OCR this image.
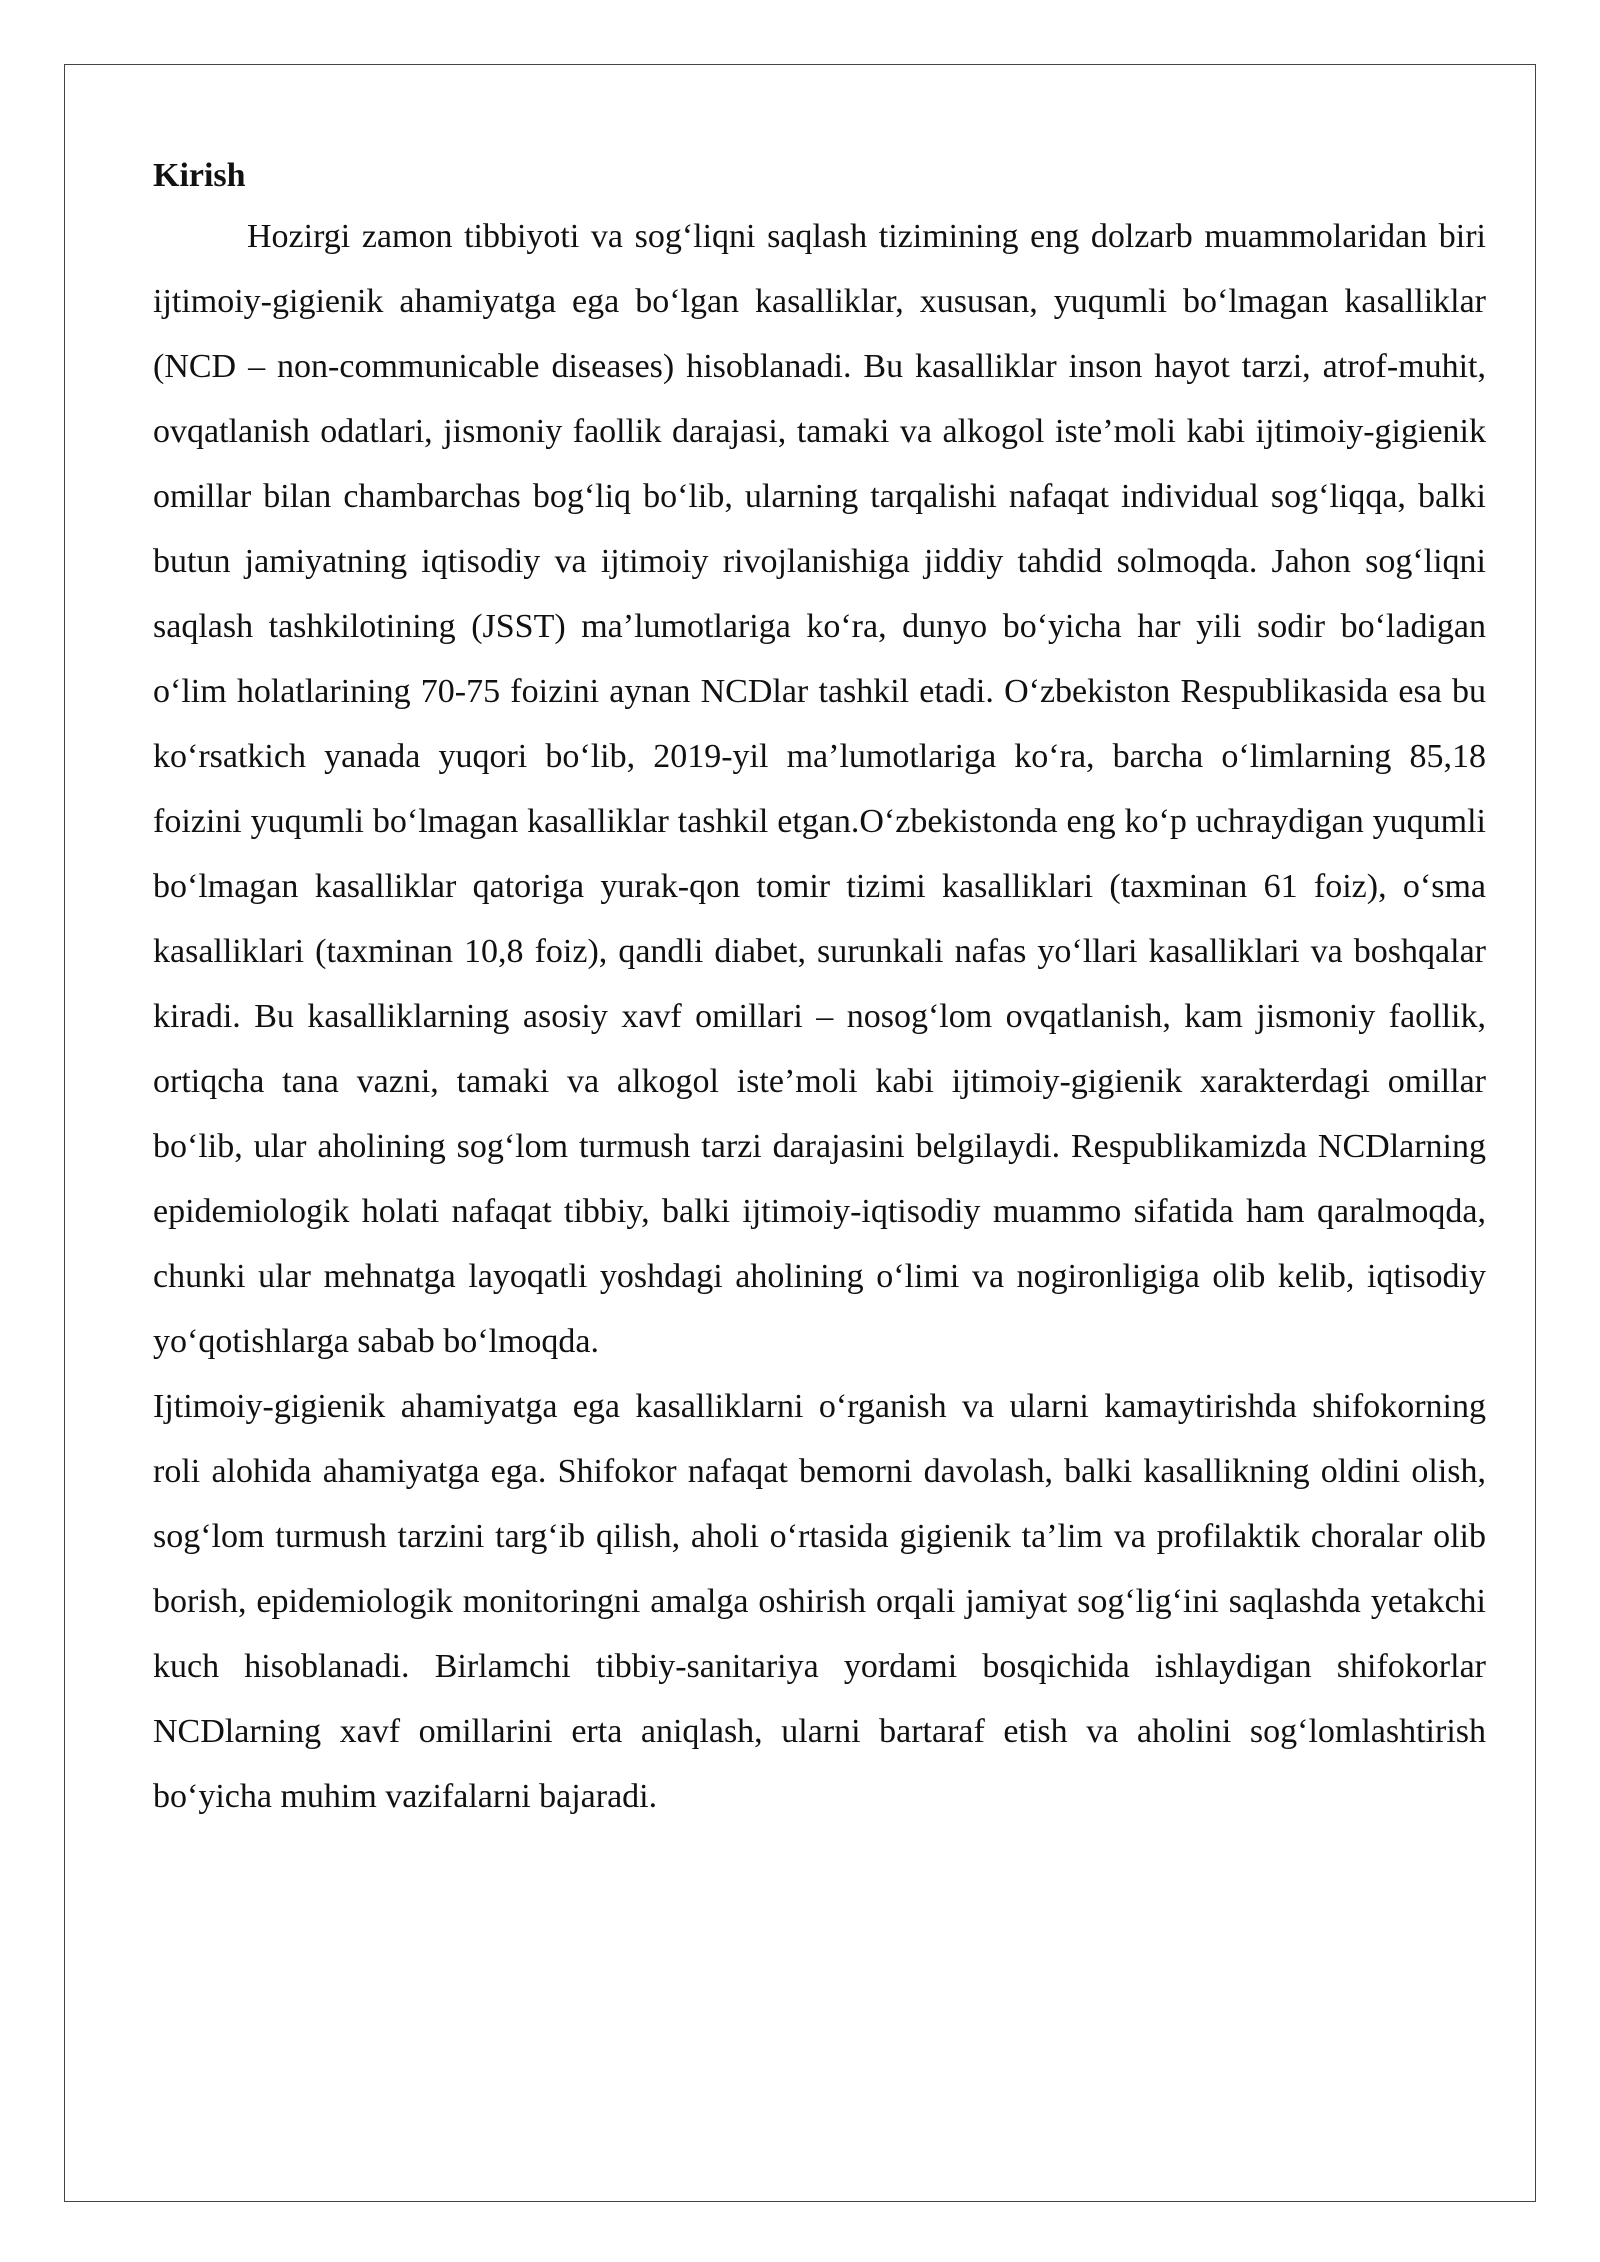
Kirish

Hozirgi zamon tibbiyoti va sog‘liqni saqlash tizimining eng dolzarb muammolaridan biri ijtimoiy-gigienik ahamiyatga ega bo‘lgan kasalliklar, xususan, yuqumli bo‘lmagan kasalliklar (NCD – non-communicable diseases) hisoblanadi. Bu kasalliklar inson hayot tarzi, atrof-muhit, ovqatlanish odatlari, jismoniy faollik darajasi, tamaki va alkogol iste’moli kabi ijtimoiy-gigienik omillar bilan chambarchas bog‘liq bo‘lib, ularning tarqalishi nafaqat individual sog‘liqqa, balki butun jamiyatning iqtisodiy va ijtimoiy rivojlanishiga jiddiy tahdid solmoqda. Jahon sog‘liqni saqlash tashkilotining (JSST) ma’lumotlariga ko‘ra, dunyo bo‘yicha har yili sodir bo‘ladigan o‘lim holatlarining 70-75 foizini aynan NCDlar tashkil etadi. O‘zbekiston Respublikasida esa bu ko‘rsatkich yanada yuqori bo‘lib, 2019-yil ma’lumotlariga ko‘ra, barcha o‘limlarning 85,18 foizini yuqumli bo‘lmagan kasalliklar tashkil etgan.O‘zbekistonda eng ko‘p uchraydigan yuqumli bo‘lmagan kasalliklar qatoriga yurak-qon tomir tizimi kasalliklari (taxminan 61 foiz), o‘sma kasalliklari (taxminan 10,8 foiz), qandli diabet, surunkali nafas yo‘llari kasalliklari va boshqalar kiradi. Bu kasalliklarning asosiy xavf omillari – nosog‘lom ovqatlanish, kam jismoniy faollik, ortiqcha tana vazni, tamaki va alkogol iste’moli kabi ijtimoiy-gigienik xarakterdagi omillar bo‘lib, ular aholining sog‘lom turmush tarzi darajasini belgilaydi. Respublikamizda NCDlarning epidemiologik holati nafaqat tibbiy, balki ijtimoiy-iqtisodiy muammo sifatida ham qaralmoqda, chunki ular mehnatga layoqatli yoshdagi aholining o‘limi va nogironligiga olib kelib, iqtisodiy yo‘qotishlarga sabab bo‘lmoqda.

Ijtimoiy-gigienik ahamiyatga ega kasalliklarni o‘rganish va ularni kamaytirishda shifokorning roli alohida ahamiyatga ega. Shifokor nafaqat bemorni davolash, balki kasallikning oldini olish, sog‘lom turmush tarzini targ‘ib qilish, aholi o‘rtasida gigienik ta’lim va profilaktik choralar olib borish, epidemiologik monitoringni amalga oshirish orqali jamiyat sog‘lig‘ini saqlashda yetakchi kuch hisoblanadi. Birlamchi tibbiy-sanitariya yordami bosqichida ishlaydigan shifokorlar NCDlarning xavf omillarini erta aniqlash, ularni bartaraf etish va aholini sog‘lomlashtirish bo‘yicha muhim vazifalarni bajaradi.
